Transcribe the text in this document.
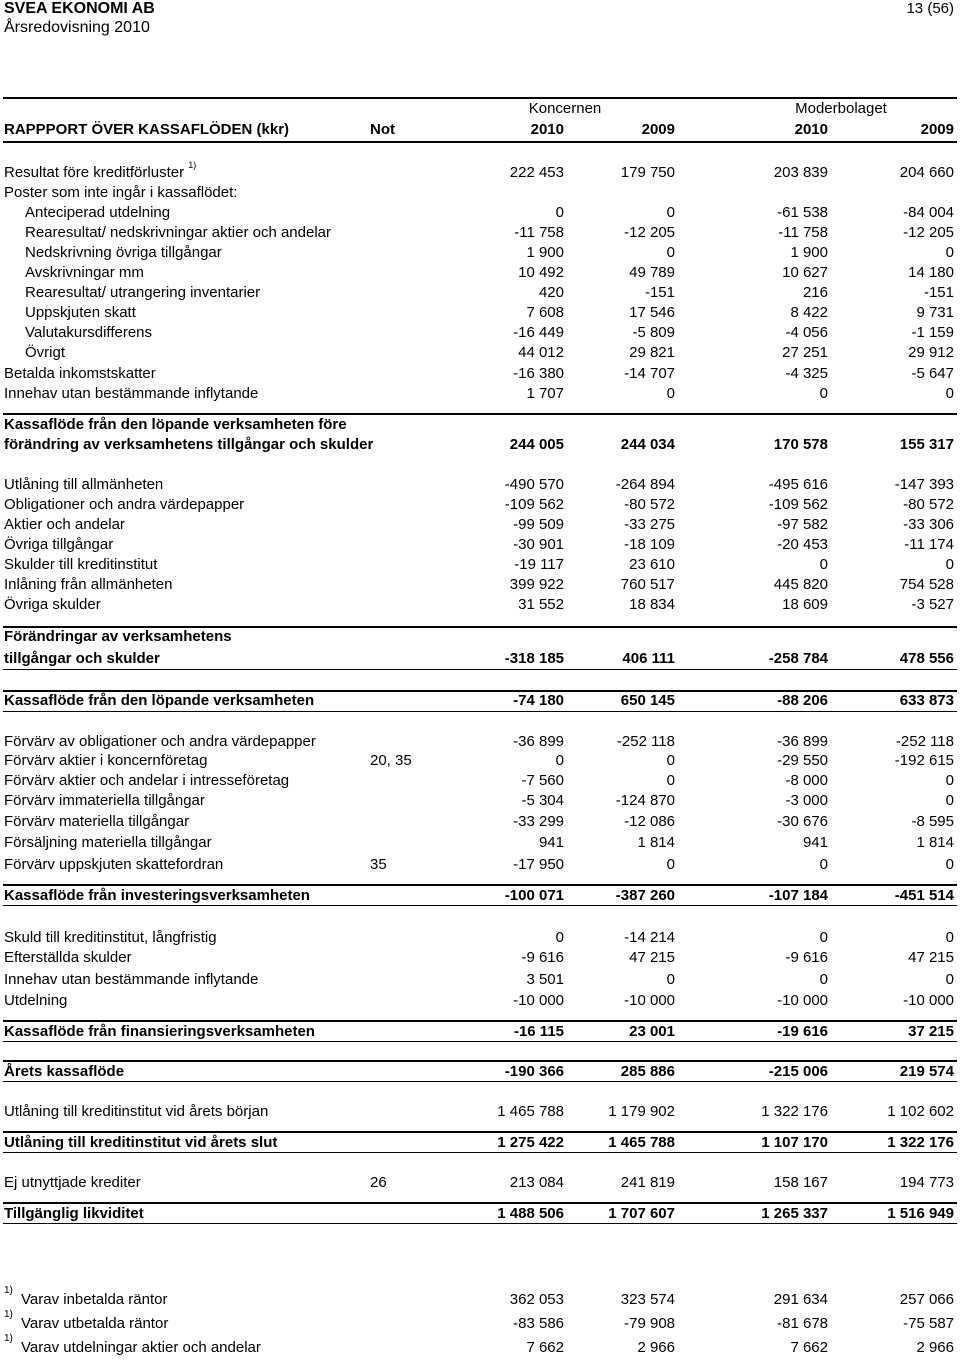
SVEA EKONOMI AB
Årsredovisning 2010
13 (56)
Koncernen	Moderbolaget
RAPPPORT ÖVER KASSAFLÖDEN (kkr)	Not	2010	2009	2010	2009
Resultat före kreditförluster $^{1)}$	222 453	179 750	203 839	204 660
Poster som inte ingår i kassaflödet:
Anteciperad utdelning	0	0	-61 538	-84 004
Rearesultat/ nedskrivningar aktier och andelar	-11 758	-12 205	-11 758	-12 205
Nedskrivning övriga tillgångar	1 900	0	1 900	0
Avskrivningar mm	10 492	49 789	10 627	14 180
Rearesultat/ utrangering inventarier	420	-151	216	-151
Uppskjuten skatt	7 608	17 546	8 422	9 731
Valutakursdifferens	-16 449	-5 809	-4 056	-1 159
Övrigt	44 012	29 821	27 251	29 912
Betalda inkomstskatter	-16 380	-14 707	-4 325	-5 647
Innehav utan bestämmande inflytande	1 707	0	0	0
Kassaflöde från den löpande verksamheten före
förändring av verksamhetens tillgångar och skulder	244 005	244 034	170 578	155 317
Utlåning till allmänheten	-490 570	-264 894	-495 616	-147 393
Obligationer och andra värdepapper	-109 562	-80 572	-109 562	-80 572
Aktier och andelar	-99 509	-33 275	-97 582	-33 306
Övriga tillgångar	-30 901	-18 109	-20 453	-11 174
Skulder till kreditinstitut	-19 117	23 610	0	0
Inlåning från allmänheten	399 922	760 517	445 820	754 528
Övriga skulder	31 552	18 834	18 609	-3 527
Förändringar av verksamhetens
tillgångar och skulder	-318 185	406 111	-258 784	478 556
Kassaflöde från den löpande verksamheten	-74 180	650 145	-88 206	633 873
Förvärv av obligationer och andra värdepapper	-36 899	-252 118	-36 899	-252 118
Förvärv aktier i koncernföretag	20, 35	0	0	-29 550	-192 615
Förvärv aktier och andelar i intresseföretag	-7 560	0	-8 000	0
Förvärv immateriella tillgångar	-5 304	-124 870	-3 000	0
Förvärv materiella tillgångar	-33 299	-12 086	-30 676	-8 595
Försäljning materiella tillgångar	941	1 814	941	1 814
Förvärv uppskjuten skattefordran	35	-17 950	0	0	0
Kassaflöde från investeringsverksamheten	-100 071	-387 260	-107 184	-451 514
Skuld till kreditinstitut, långfristig	0	-14 214	0	0
Efterställda skulder	-9 616	47 215	-9 616	47 215
Innehav utan bestämmande inflytande	3 501	0	0	0
Utdelning	-10 000	-10 000	-10 000	-10 000
Kassaflöde från finansieringsverksamheten	-16 115	23 001	-19 616	37 215
Årets kassaflöde	-190 366	285 886	-215 006	219 574
Utlåning till kreditinstitut vid årets början	1 465 788	1 179 902	1 322 176	1 102 602
Utlåning till kreditinstitut vid årets slut	1 275 422	1 465 788	1 107 170	1 322 176
Ej utnyttjade krediter	26	213 084	241 819	158 167	194 773
Tillgänglig likviditet	1 488 506	1 707 607	1 265 337	1 516 949
1)
Varav inbetalda räntor	362 053	323 574	291 634	257 066
1)
Varav utbetalda räntor	-83 586	-79 908	-81 678	-75 587
1)
Varav utdelningar aktier och andelar	7 662	2 966	7 662	2 966
